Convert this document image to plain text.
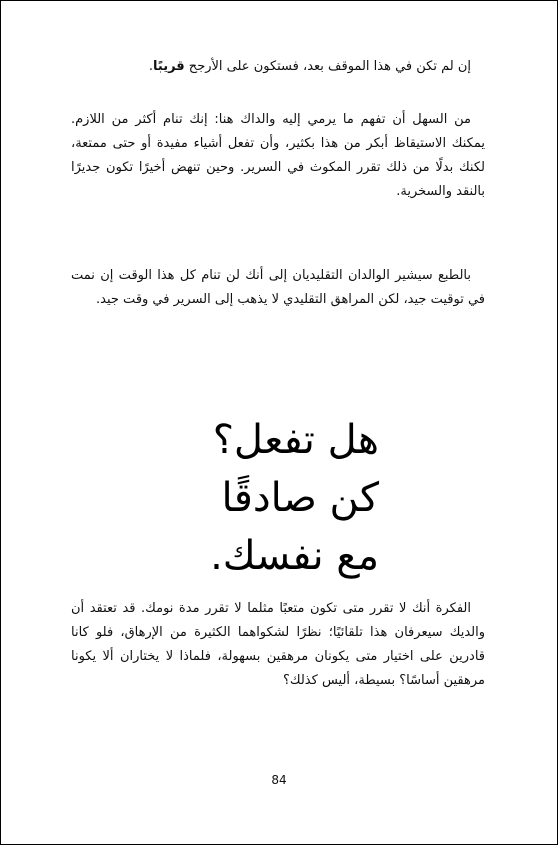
إن لم تكن في هذا الموقف بعد، فستكون على الأرجح قريبًا.

من السهل أن تفهم ما يرمي إليه والداك هنا: إنك تنام أكثر من اللازم. يمكنك الاستيقاظ أبكر من هذا بكثير، وأن تفعل أشياء مفيدة أو حتى ممتعة، لكنك بدلًا من ذلك تقرر المكوث في السرير. وحين تنهض أخيرًا تكون جديرًا بالنقد والسخرية.

بالطبع سيشير الوالدان التقليديان إلى أنك لن تنام كل هذا الوقت إن نمت في توقيت جيد، لكن المراهق التقليدي لا يذهب إلى السرير في وقت جيد.

هل تفعل؟
كن صادقًا
مع نفسك.

الفكرة أنك لا تقرر متى تكون متعبًا مثلما لا تقرر مدة نومك. قد تعتقد أن والديك سيعرفان هذا تلقائيًا؛ نظرًا لشكواهما الكثيرة من الإرهاق، فلو كانا قادرين على اختيار متى يكونان مرهقين بسهولة، فلماذا لا يختاران ألا يكونا مرهقين أساسًا؟ بسيطة، أليس كذلك؟

84
